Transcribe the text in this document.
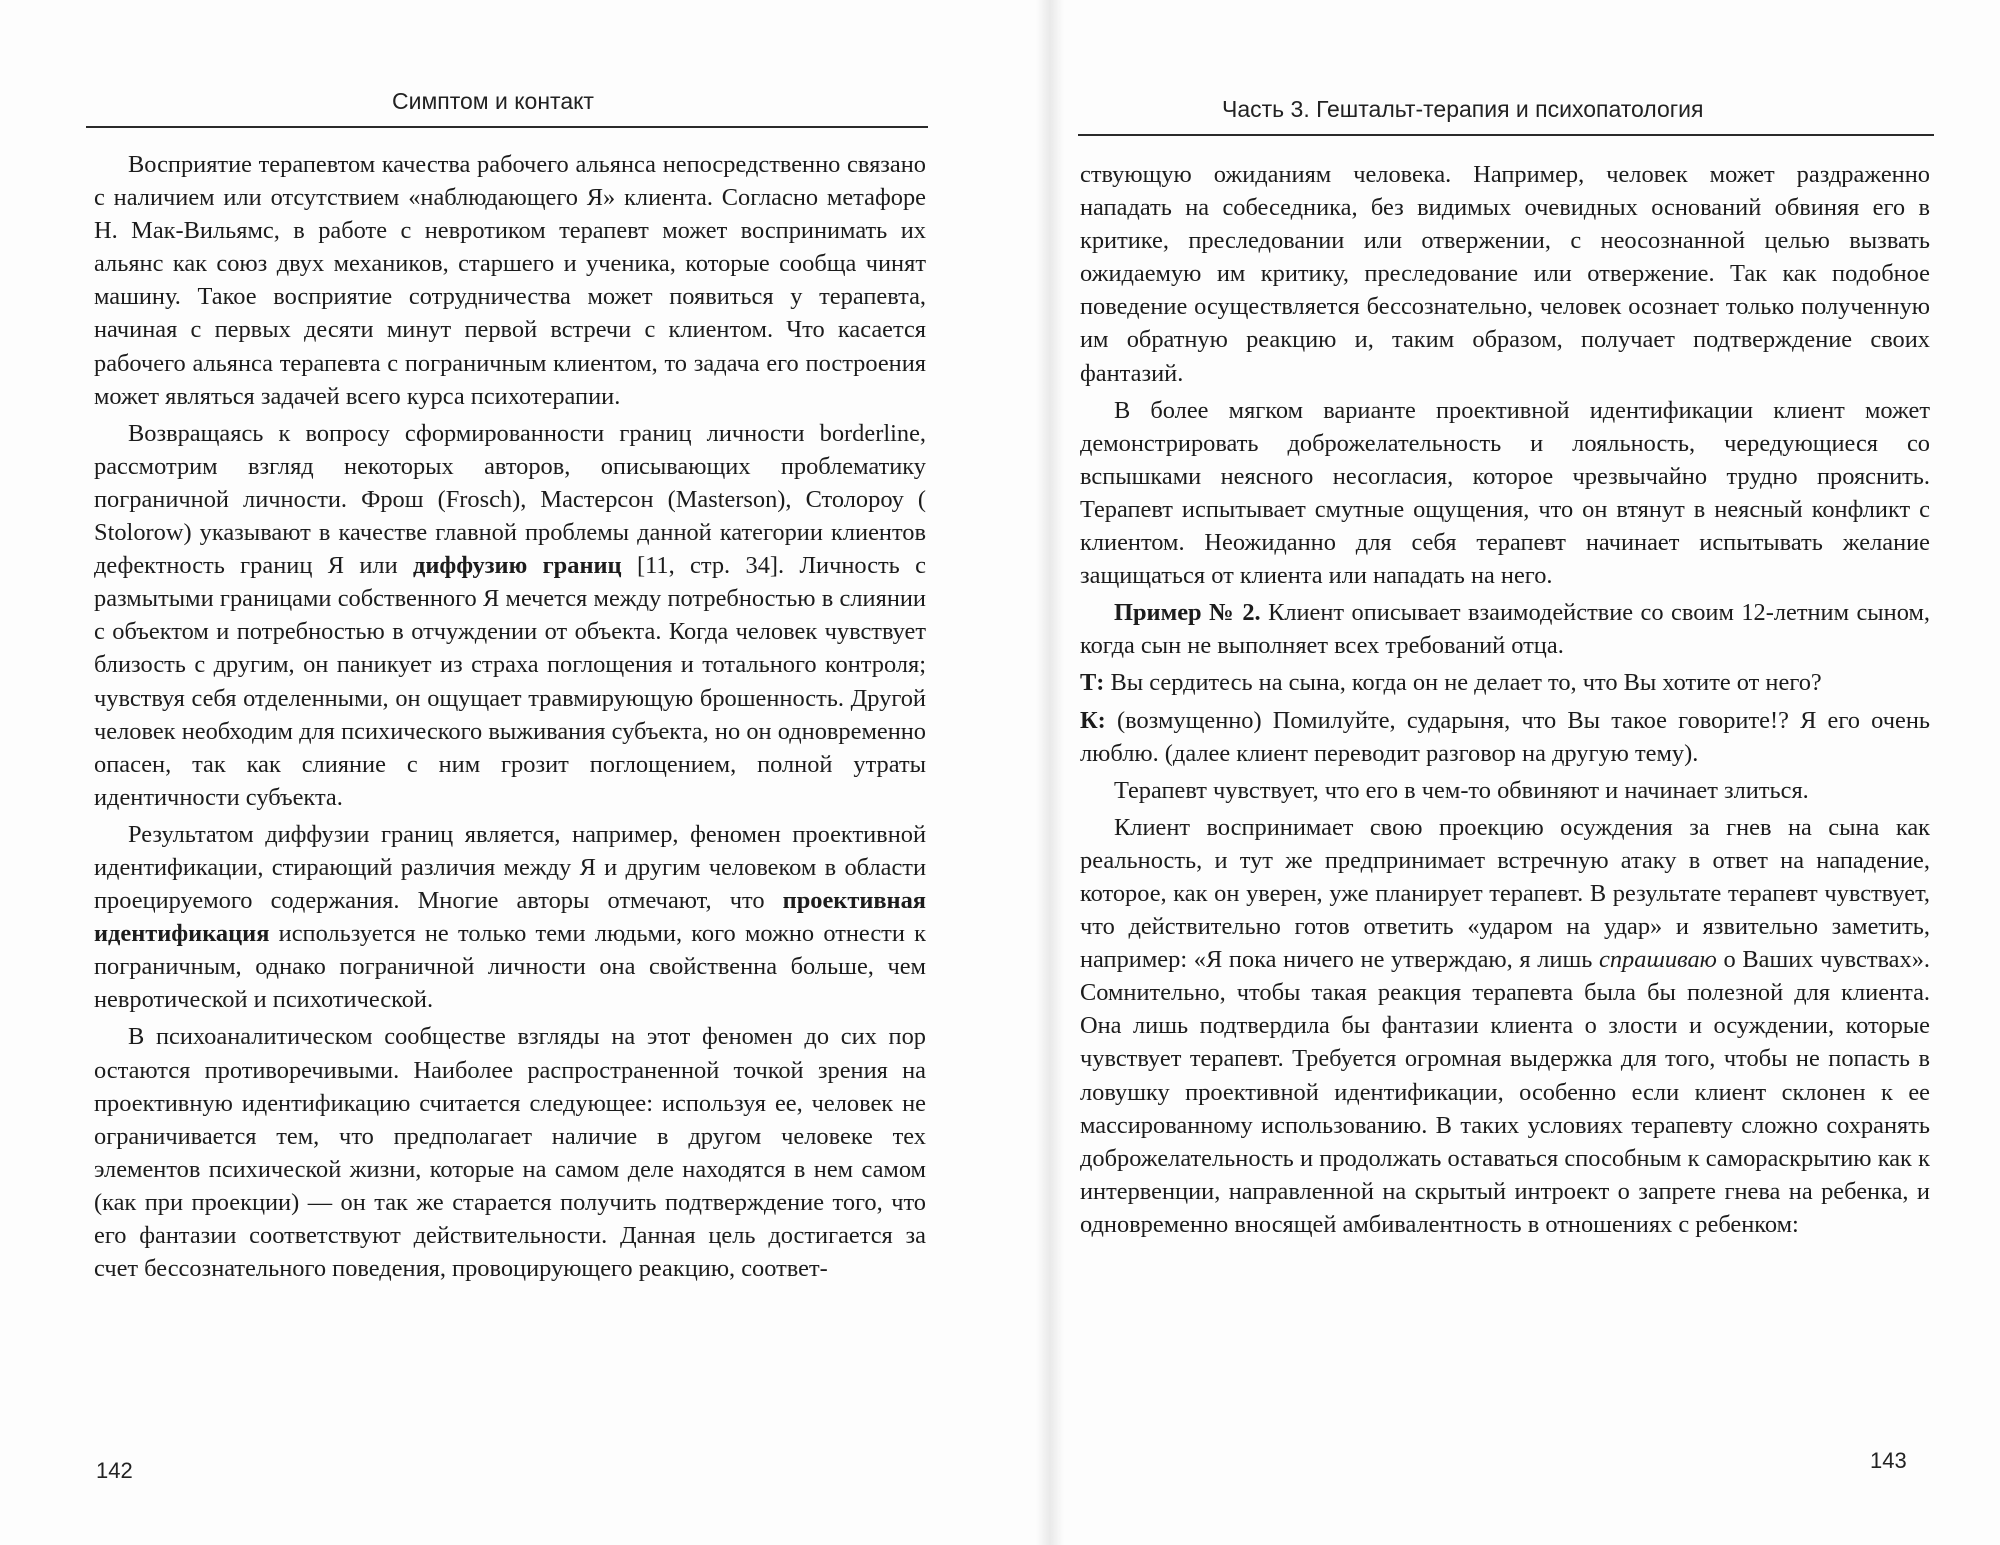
Симптом и контакт

Восприятие терапевтом качества рабочего альянса непосредственно связано с наличием или отсутствием «наблюдающего Я» клиента. Согласно метафоре Н. Мак-Вильямс, в работе с невротиком терапевт может воспринимать их альянс как союз двух механиков, старшего и ученика, которые сообща чинят машину. Такое восприятие сотрудничества может появиться у терапевта, начиная с первых десяти минут первой встречи с клиентом. Что касается рабочего альянса терапевта с пограничным клиентом, то задача его построения может являться задачей всего курса психотерапии.

Возвращаясь к вопросу сформированности границ личности borderline, рассмотрим взгляд некоторых авторов, описывающих проблематику пограничной личности. Фрош (Frosch), Мастерсон (Masterson), Столороу ( Stolorow) указывают в качестве главной проблемы данной категории клиентов дефектность границ Я или диффузию границ [11, стр. 34]. Личность с размытыми границами собственного Я мечется между потребностью в слиянии с объектом и потребностью в отчуждении от объекта. Когда человек чувствует близость с другим, он паникует из страха поглощения и тотального контроля; чувствуя себя отделенными, он ощущает травмирующую брошенность. Другой человек необходим для психического выживания субъекта, но он одновременно опасен, так как слияние с ним грозит поглощением, полной утраты идентичности субъекта.

Результатом диффузии границ является, например, феномен проективной идентификации, стирающий различия между Я и другим человеком в области проецируемого содержания. Многие авторы отмечают, что проективная идентификация используется не только теми людьми, кого можно отнести к пограничным, однако пограничной личности она свойственна больше, чем невротической и психотической.

В психоаналитическом сообществе взгляды на этот феномен до сих пор остаются противоречивыми. Наиболее распространенной точкой зрения на проективную идентификацию считается следующее: используя ее, человек не ограничивается тем, что предполагает наличие в другом человеке тех элементов психической жизни, которые на самом деле находятся в нем самом (как при проекции) — он так же старается получить подтверждение того, что его фантазии соответствуют действительности. Данная цель достигается за счет бессознательного поведения, провоцирующего реакцию, соответ-

142
Часть 3. Гештальт-терапия и психопатология

ствующую ожиданиям человека. Например, человек может раздраженно нападать на собеседника, без видимых очевидных оснований обвиняя его в критике, преследовании или отвержении, с неосознанной целью вызвать ожидаемую им критику, преследование или отвержение. Так как подобное поведение осуществляется бессознательно, человек осознает только полученную им обратную реакцию и, таким образом, получает подтверждение своих фантазий.

В более мягком варианте проективной идентификации клиент может демонстрировать доброжелательность и лояльность, чередующиеся со вспышками неясного несогласия, которое чрезвычайно трудно прояснить. Терапевт испытывает смутные ощущения, что он втянут в неясный конфликт с клиентом. Неожиданно для себя терапевт начинает испытывать желание защищаться от клиента или нападать на него.

Пример № 2. Клиент описывает взаимодействие со своим 12-летним сыном, когда сын не выполняет всех требований отца.

Т: Вы сердитесь на сына, когда он не делает то, что Вы хотите от него?

К: (возмущенно) Помилуйте, сударыня, что Вы такое говорите!? Я его очень люблю. (далее клиент переводит разговор на другую тему).

Терапевт чувствует, что его в чем-то обвиняют и начинает злиться.

Клиент воспринимает свою проекцию осуждения за гнев на сына как реальность, и тут же предпринимает встречную атаку в ответ на нападение, которое, как он уверен, уже планирует терапевт. В результате терапевт чувствует, что действительно готов ответить «ударом на удар» и язвительно заметить, например: «Я пока ничего не утверждаю, я лишь спрашиваю о Ваших чувствах». Сомнительно, чтобы такая реакция терапевта была бы полезной для клиента. Она лишь подтвердила бы фантазии клиента о злости и осуждении, которые чувствует терапевт. Требуется огромная выдержка для того, чтобы не попасть в ловушку проективной идентификации, особенно если клиент склонен к ее массированному использованию. В таких условиях терапевту сложно сохранять доброжелательность и продолжать оставаться способным к самораскрытию как к интервенции, направленной на скрытый интроект о запрете гнева на ребенка, и одновременно вносящей амбивалентность в отношениях с ребенком:

143
